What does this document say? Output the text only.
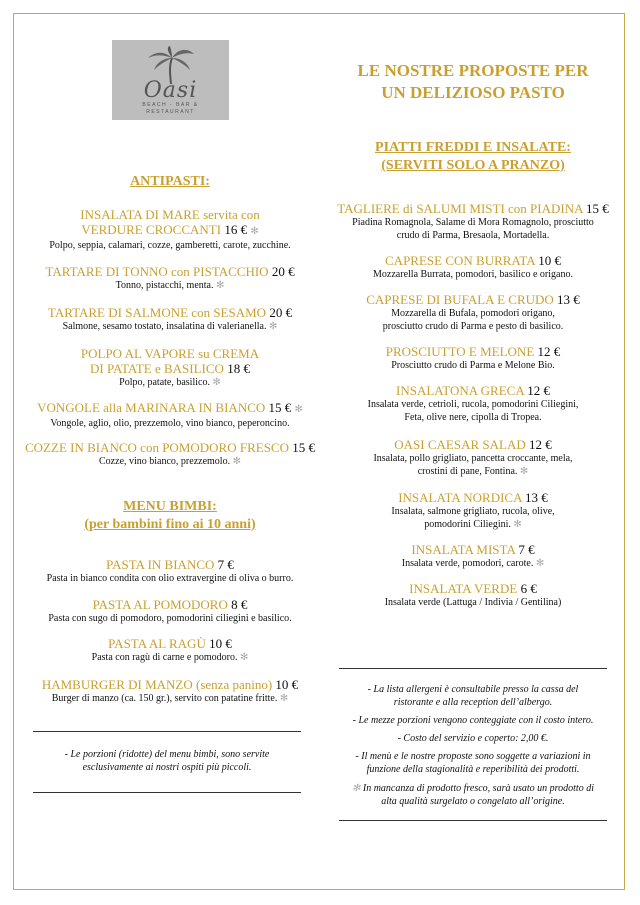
Oasi
BEACH - BAR &
RESTAURANT
LE NOSTRE PROPOSTE PER
UN DELIZIOSO PASTO
ANTIPASTI:
INSALATA DI MARE servita con
VERDURE CROCCANTI 16 € ✻
Polpo, seppia, calamari, cozze, gamberetti, carote, zucchine.
TARTARE DI TONNO con PISTACCHIO 20 €
Tonno, pistacchi, menta. ✻
TARTARE DI SALMONE con SESAMO 20 €
Salmone, sesamo tostato, insalatina di valerianella. ✻
POLPO AL VAPORE su CREMA
DI PATATE e BASILICO 18 €
Polpo, patate, basilico. ✻
VONGOLE alla MARINARA IN BIANCO 15 € ✻
Vongole, aglio, olio, prezzemolo, vino bianco, peperoncino.
COZZE IN BIANCO con POMODORO FRESCO 15 €
Cozze, vino bianco, prezzemolo. ✻
MENU BIMBI:
(per bambini fino ai 10 anni)
PASTA IN BIANCO 7 €
Pasta in bianco condita con olio extravergine di oliva o burro.
PASTA AL POMODORO 8 €
Pasta con sugo di pomodoro, pomodorini ciliegini e basilico.
PASTA AL RAGÙ 10 €
Pasta con ragù di carne e pomodoro. ✻
HAMBURGER DI MANZO (senza panino) 10 €
Burger di manzo (ca. 150 gr.), servito con patatine fritte. ✻
- Le porzioni (ridotte) del menu bimbi, sono servite
esclusivamente ai nostri ospiti più piccoli.
PIATTI FREDDI E INSALATE:
(SERVITI SOLO A PRANZO)
TAGLIERE di SALUMI MISTI con PIADINA 15 €
Piadina Romagnola, Salame di Mora Romagnolo, prosciutto
crudo di Parma, Bresaola, Mortadella.
CAPRESE CON BURRATA 10 €
Mozzarella Burrata, pomodori, basilico e origano.
CAPRESE DI BUFALA E CRUDO 13 €
Mozzarella di Bufala, pomodori origano,
prosciutto crudo di Parma e pesto di basilico.
PROSCIUTTO E MELONE 12 €
Prosciutto crudo di Parma e Melone Bio.
INSALATONA GRECA 12 €
Insalata verde, cetrioli, rucola, pomodorini Ciliegini,
Feta, olive nere, cipolla di Tropea.
OASI CAESAR SALAD 12 €
Insalata, pollo grigliato, pancetta croccante, mela,
crostini di pane, Fontina. ✻
INSALATA NORDICA 13 €
Insalata, salmone grigliato, rucola, olive,
pomodorini Ciliegini. ✻
INSALATA MISTA 7 €
Insalata verde, pomodori, carote. ✻
INSALATA VERDE 6 €
Insalata verde (Lattuga / Indivia / Gentilina)
- La lista allergeni è consultabile presso la cassa del
ristorante e alla reception dell’albergo.
- Le mezze porzioni vengono conteggiate con il costo intero.
- Costo del servizio e coperto: 2,00 €.
- Il menù e le nostre proposte sono soggette a variazioni in
funzione della stagionalità e reperibilità dei prodotti.
✻ In mancanza di prodotto fresco, sarà usato un prodotto di
alta qualità surgelato o congelato all’origine.
